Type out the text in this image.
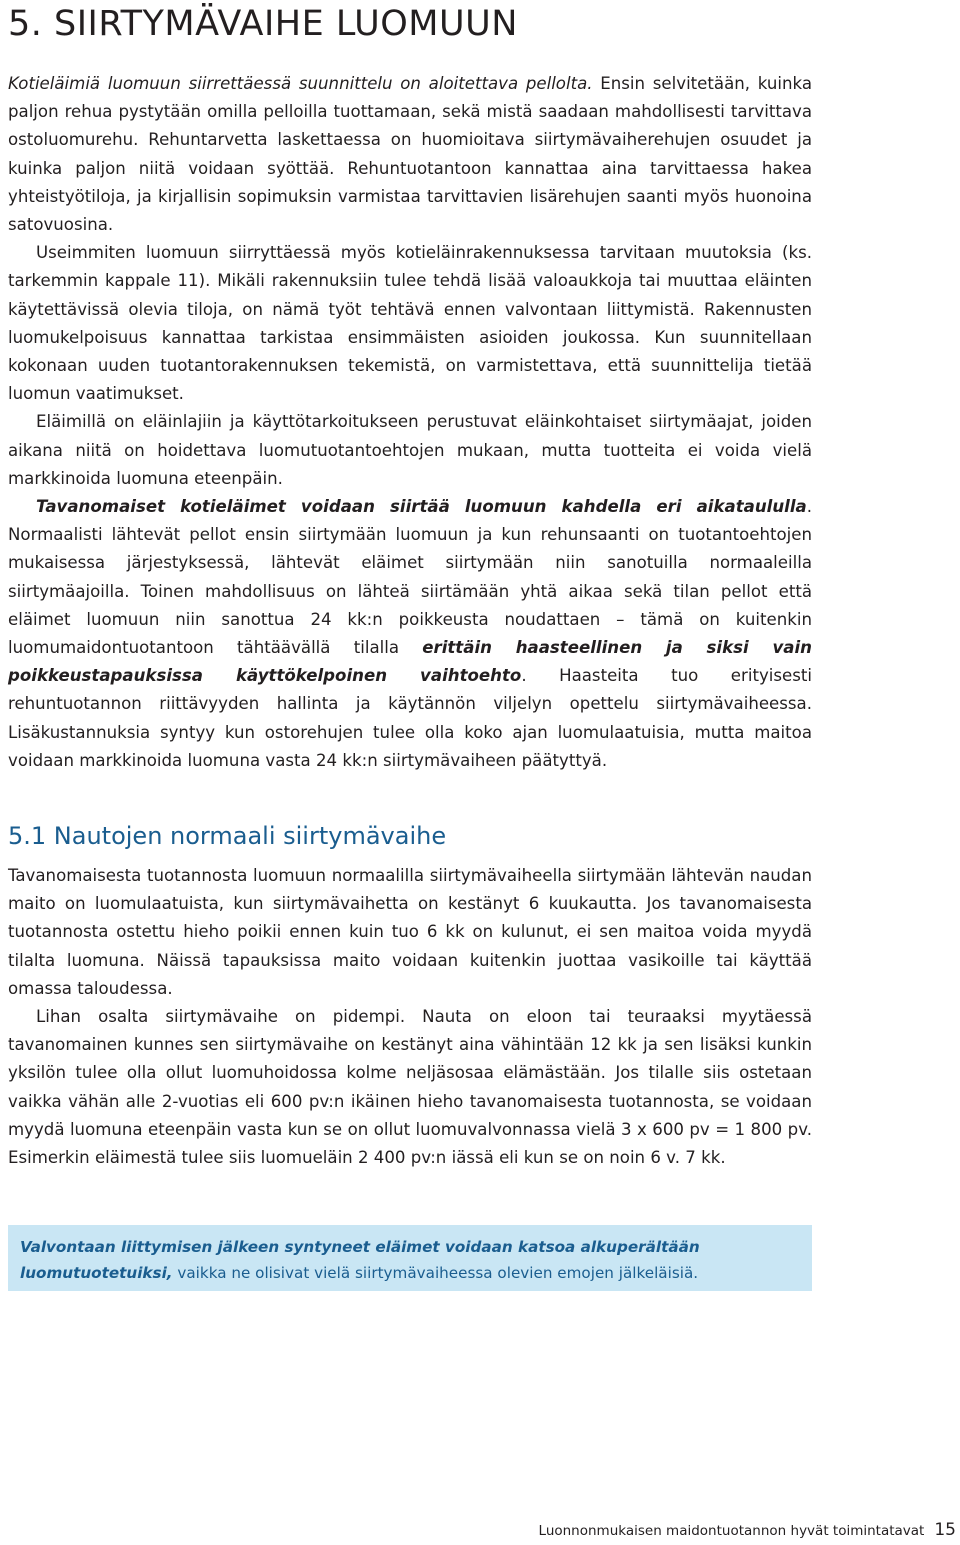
5. SIIRTYMÄVAIHE LUOMUUN

Kotieläimiä luomuun siirrettäessä suunnittelu on aloitettava pellolta. Ensin selvitetään, kuinka paljon rehua pystytään omilla pelloilla tuottamaan, sekä mistä saadaan mahdollisesti tarvittava ostoluomurehu. Rehuntarvetta laskettaessa on huomioitava siirtymävaiherehujen osuudet ja kuinka paljon niitä voidaan syöttää. Rehuntuotantoon kannattaa aina tarvittaessa hakea yhteistyötiloja, ja kirjallisin sopimuksin varmistaa tarvittavien lisärehujen saanti myös huonoina satovuosina.

Useimmiten luomuun siirryttäessä myös kotieläinrakennuksessa tarvitaan muutoksia (ks. tarkemmin kappale 11). Mikäli rakennuksiin tulee tehdä lisää valoaukkoja tai muuttaa eläinten käytettävissä olevia tiloja, on nämä työt tehtävä ennen valvontaan liittymistä. Rakennusten luomukelpoisuus kannattaa tarkistaa ensimmäisten asioiden joukossa. Kun suunnitellaan kokonaan uuden tuotantorakennuksen tekemistä, on varmistettava, että suunnittelija tietää luomun vaatimukset.

Eläimillä on eläinlajiin ja käyttötarkoitukseen perustuvat eläinkohtaiset siirtymäajat, joiden aikana niitä on hoidettava luomutuotantoehtojen mukaan, mutta tuotteita ei voida vielä markkinoida luomuna eteenpäin.

Tavanomaiset kotieläimet voidaan siirtää luomuun kahdella eri aikataululla. Normaalisti lähtevät pellot ensin siirtymään luomuun ja kun rehunsaanti on tuotantoehtojen mukaisessa järjestyksessä, lähtevät eläimet siirtymään niin sanotuilla normaaleilla siirtymäajoilla. Toinen mahdollisuus on lähteä siirtämään yhtä aikaa sekä tilan pellot että eläimet luomuun niin sanottua 24 kk:n poikkeusta noudattaen – tämä on kuitenkin luomumaidontuotantoon tähtäävällä tilalla erittäin haasteellinen ja siksi vain poikkeustapauksissa käyttökelpoinen vaihtoehto. Haasteita tuo erityisesti rehuntuotannon riittävyyden hallinta ja käytännön viljelyn opettelu siirtymävaiheessa. Lisäkustannuksia syntyy kun ostorehujen tulee olla koko ajan luomulaatuisia, mutta maitoa voidaan markkinoida luomuna vasta 24 kk:n siirtymävaiheen päätyttyä.

5.1 Nautojen normaali siirtymävaihe

Tavanomaisesta tuotannosta luomuun normaalilla siirtymävaiheella siirtymään lähtevän naudan maito on luomulaatuista, kun siirtymävaihetta on kestänyt 6 kuukautta. Jos tavanomaisesta tuotannosta ostettu hieho poikii ennen kuin tuo 6 kk on kulunut, ei sen maitoa voida myydä tilalta luomuna. Näissä tapauksissa maito voidaan kuitenkin juottaa vasikoille tai käyttää omassa taloudessa.

Lihan osalta siirtymävaihe on pidempi. Nauta on eloon tai teuraaksi myytäessä tavanomainen kunnes sen siirtymävaihe on kestänyt aina vähintään 12 kk ja sen lisäksi kunkin yksilön tulee olla ollut luomuhoidossa kolme neljäsosaa elämästään. Jos tilalle siis ostetaan vaikka vähän alle 2-vuotias eli 600 pv:n ikäinen hieho tavanomaisesta tuotannosta, se voidaan myydä luomuna eteenpäin vasta kun se on ollut luomuvalvonnassa vielä 3 x 600 pv = 1 800 pv. Esimerkin eläimestä tulee siis luomueläin 2 400 pv:n iässä eli kun se on noin 6 v. 7 kk.

Valvontaan liittymisen jälkeen syntyneet eläimet voidaan katsoa alkuperältään luomutuotetuiksi, vaikka ne olisivat vielä siirtymävaiheessa olevien emojen jälkeläisiä.
Luonnonmukaisen maidontuotannon hyvät toimintatavat 15
